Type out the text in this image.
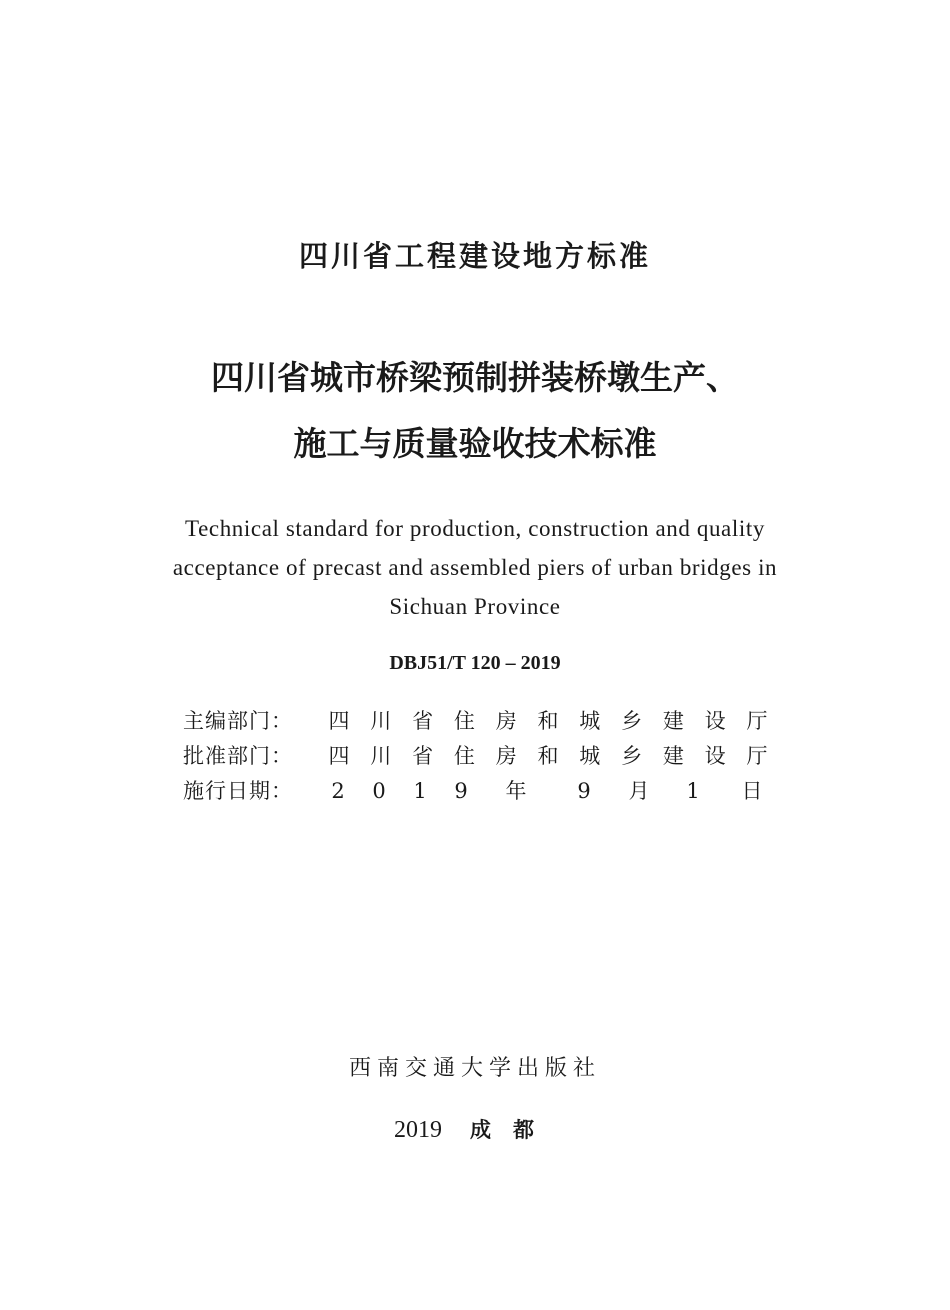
四川省工程建设地方标准
四川省城市桥梁预制拼装桥墩生产、
施工与质量验收技术标准
Technical standard for production, construction and quality
acceptance of precast and assembled piers of urban bridges in
Sichuan Province
DBJ51/T 120 – 2019
主编部门： 四 川 省 住 房 和 城 乡 建 设 厅
批准部门： 四 川 省 住 房 和 城 乡 建 设 厅
施行日期： 2 0 1 9 年 9 月 1 日
西南交通大学出版社
2019 成都
